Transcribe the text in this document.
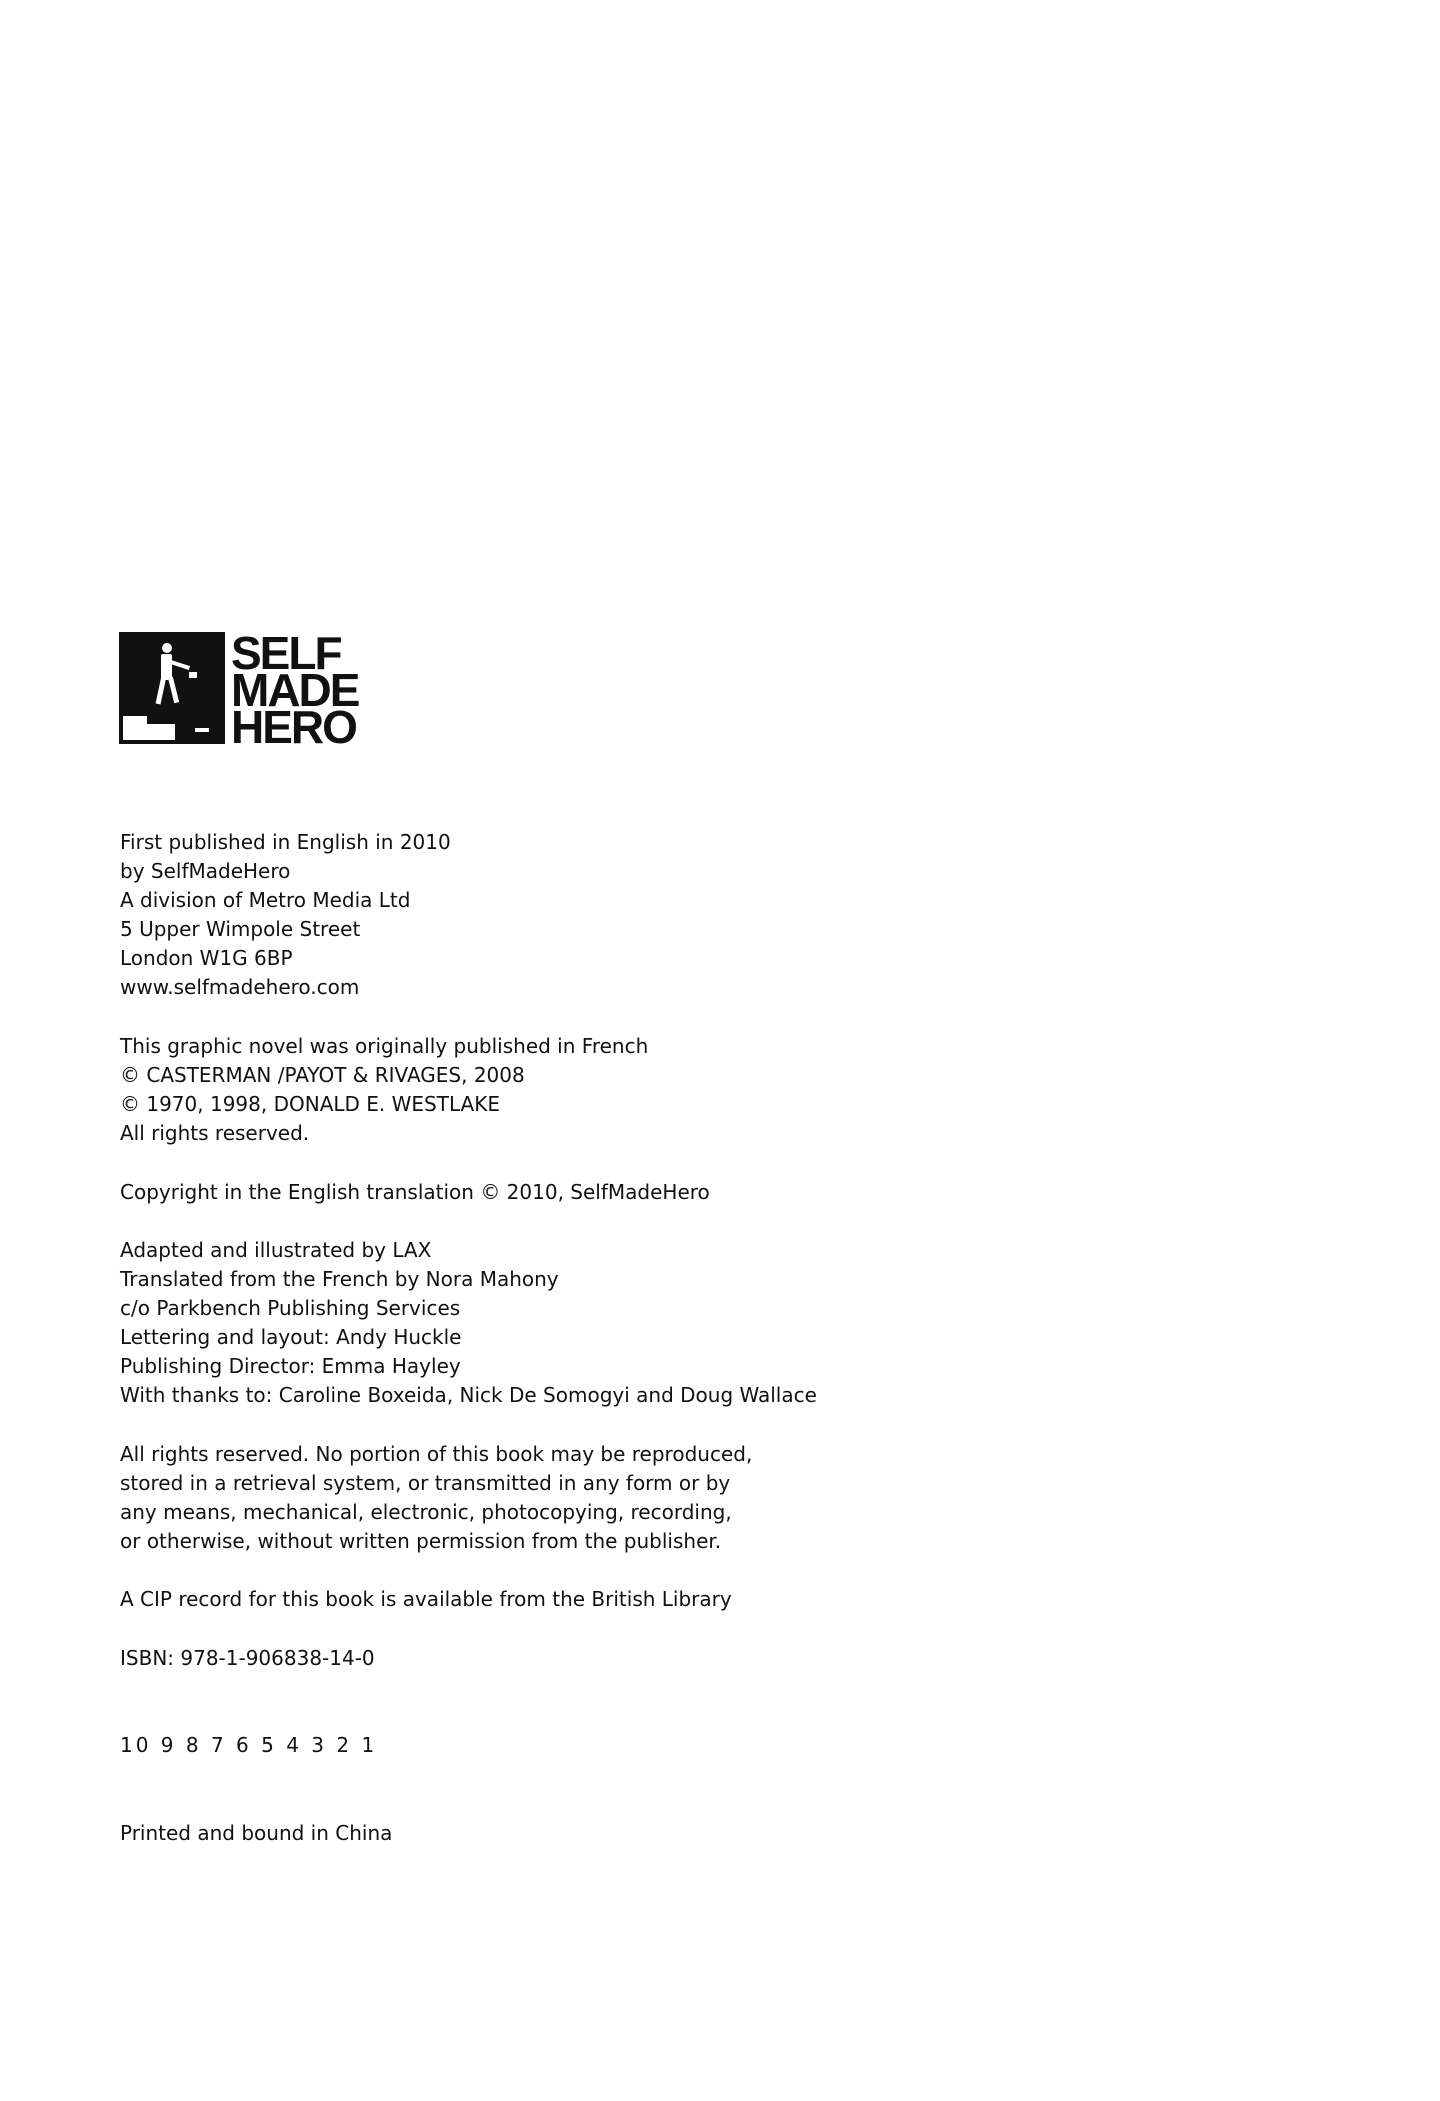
SELF
MADE
HERO
First published in English in 2010
by SelfMadeHero
A division of Metro Media Ltd
5 Upper Wimpole Street
London W1G 6BP
www.selfmadehero.com
This graphic novel was originally published in French
© CASTERMAN /PAYOT & RIVAGES, 2008
© 1970, 1998, DONALD E. WESTLAKE
All rights reserved.
Copyright in the English translation © 2010, SelfMadeHero
Adapted and illustrated by LAX
Translated from the French by Nora Mahony
c/o Parkbench Publishing Services
Lettering and layout: Andy Huckle
Publishing Director: Emma Hayley
With thanks to: Caroline Boxeida, Nick De Somogyi and Doug Wallace
All rights reserved. No portion of this book may be reproduced,
stored in a retrieval system, or transmitted in any form or by
any means, mechanical, electronic, photocopying, recording,
or otherwise, without written permission from the publisher.
A CIP record for this book is available from the British Library
ISBN: 978-1-906838-14-0
10 9 8 7 6 5 4 3 2 1
Printed and bound in China
